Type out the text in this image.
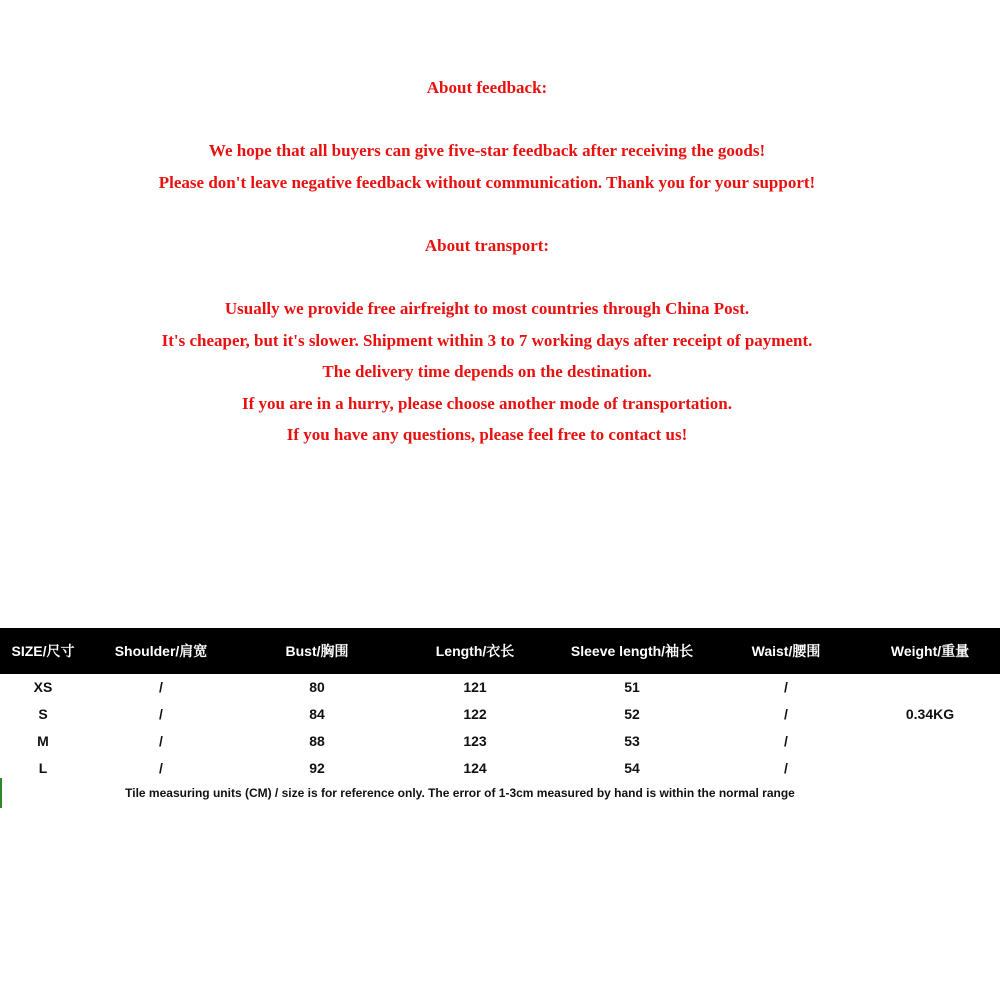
About feedback:
We hope that all buyers can give five-star feedback after receiving the goods!
Please don't leave negative feedback without communication. Thank you for your support!
About transport:
Usually we provide free airfreight to most countries through China Post.
It's cheaper, but it's slower. Shipment within 3 to 7 working days after receipt of payment.
The delivery time depends on the destination.
If you are in a hurry, please choose another mode of transportation.
If you have any questions, please feel free to contact us!
SIZE/尺寸	Shoulder/肩宽	Bust/胸围	Length/衣长	Sleeve length/袖长	Waist/腰围	Weight/重量
XS	/	80	121	51	/
S	/	84	122	52	/	0.34KG
M	/	88	123	53	/
L	/	92	124	54	/
Tile measuring units (CM) / size is for reference only. The error of 1-3cm measured by hand is within the normal range
